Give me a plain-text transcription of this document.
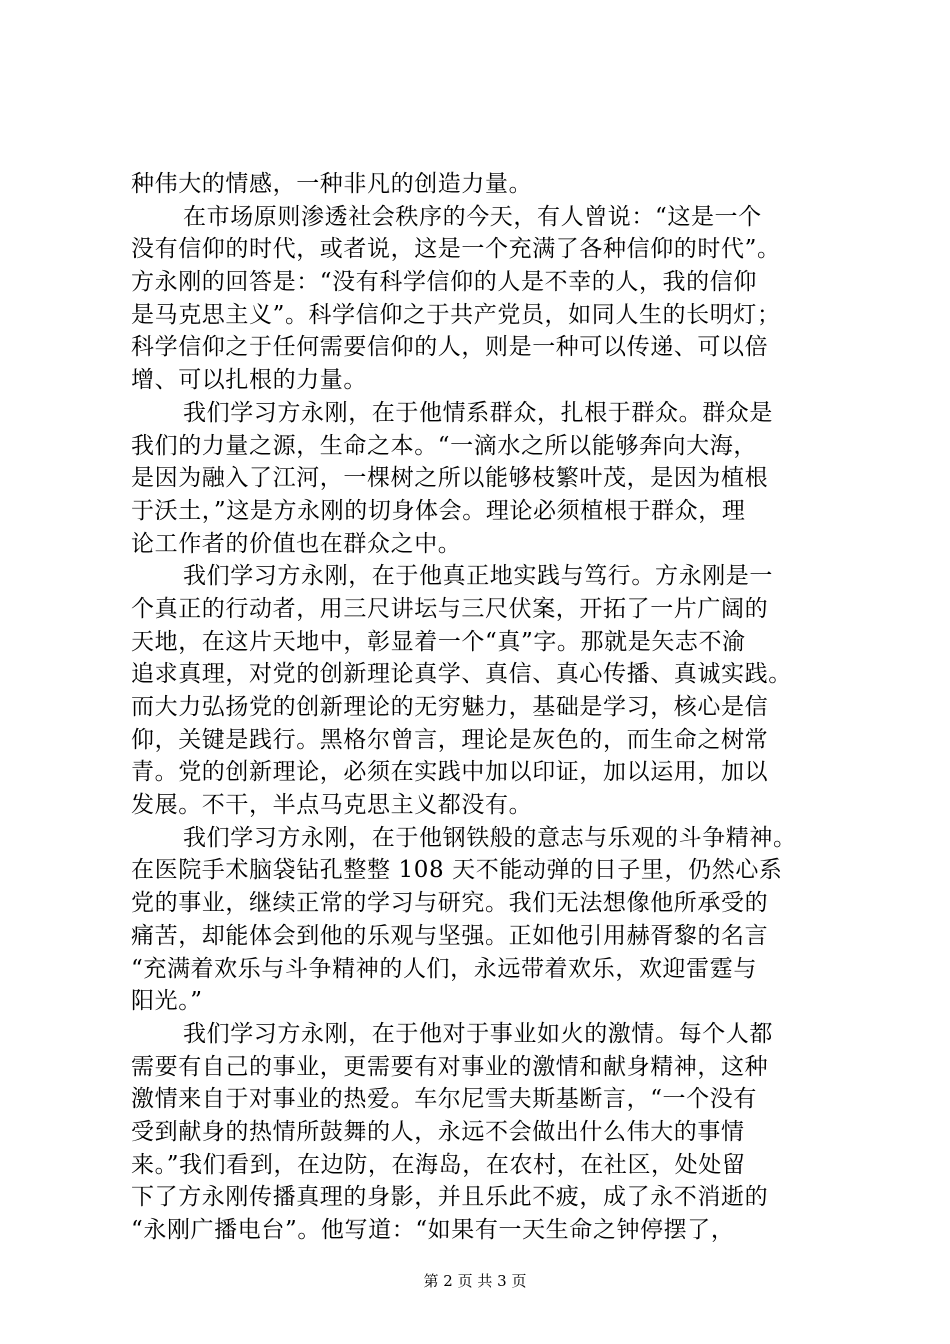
种伟大的情感，一种非凡的创造力量。
在市场原则渗透社会秩序的今天，有人曾说：“这是一个
没有信仰的时代，或者说，这是一个充满了各种信仰的时代”。
方永刚的回答是：“没有科学信仰的人是不幸的人，我的信仰
是马克思主义”。科学信仰之于共产党员，如同人生的长明灯；
科学信仰之于任何需要信仰的人，则是一种可以传递、可以倍
增、可以扎根的力量。
我们学习方永刚，在于他情系群众，扎根于群众。群众是
我们的力量之源，生命之本。“一滴水之所以能够奔向大海，
是因为融入了江河，一棵树之所以能够枝繁叶茂，是因为植根
于沃土，”这是方永刚的切身体会。理论必须植根于群众，理
论工作者的价值也在群众之中。
我们学习方永刚，在于他真正地实践与笃行。方永刚是一
个真正的行动者，用三尺讲坛与三尺伏案，开拓了一片广阔的
天地，在这片天地中，彰显着一个“真”字。那就是矢志不渝
追求真理，对党的创新理论真学、真信、真心传播、真诚实践。
而大力弘扬党的创新理论的无穷魅力，基础是学习，核心是信
仰，关键是践行。黑格尔曾言，理论是灰色的，而生命之树常
青。党的创新理论，必须在实践中加以印证，加以运用，加以
发展。不干，半点马克思主义都没有。
我们学习方永刚，在于他钢铁般的意志与乐观的斗争精神。
在医院手术脑袋钻孔整整 108 天不能动弹的日子里，仍然心系
党的事业，继续正常的学习与研究。我们无法想像他所承受的
痛苦，却能体会到他的乐观与坚强。正如他引用赫胥黎的名言
“充满着欢乐与斗争精神的人们，永远带着欢乐，欢迎雷霆与
阳光。”
我们学习方永刚，在于他对于事业如火的激情。每个人都
需要有自己的事业，更需要有对事业的激情和献身精神，这种
激情来自于对事业的热爱。车尔尼雪夫斯基断言，“一个没有
受到献身的热情所鼓舞的人，永远不会做出什么伟大的事情
来。”我们看到，在边防，在海岛，在农村，在社区，处处留
下了方永刚传播真理的身影，并且乐此不疲，成了永不消逝的
“永刚广播电台”。他写道：“如果有一天生命之钟停摆了，
第 2 页 共 3 页
